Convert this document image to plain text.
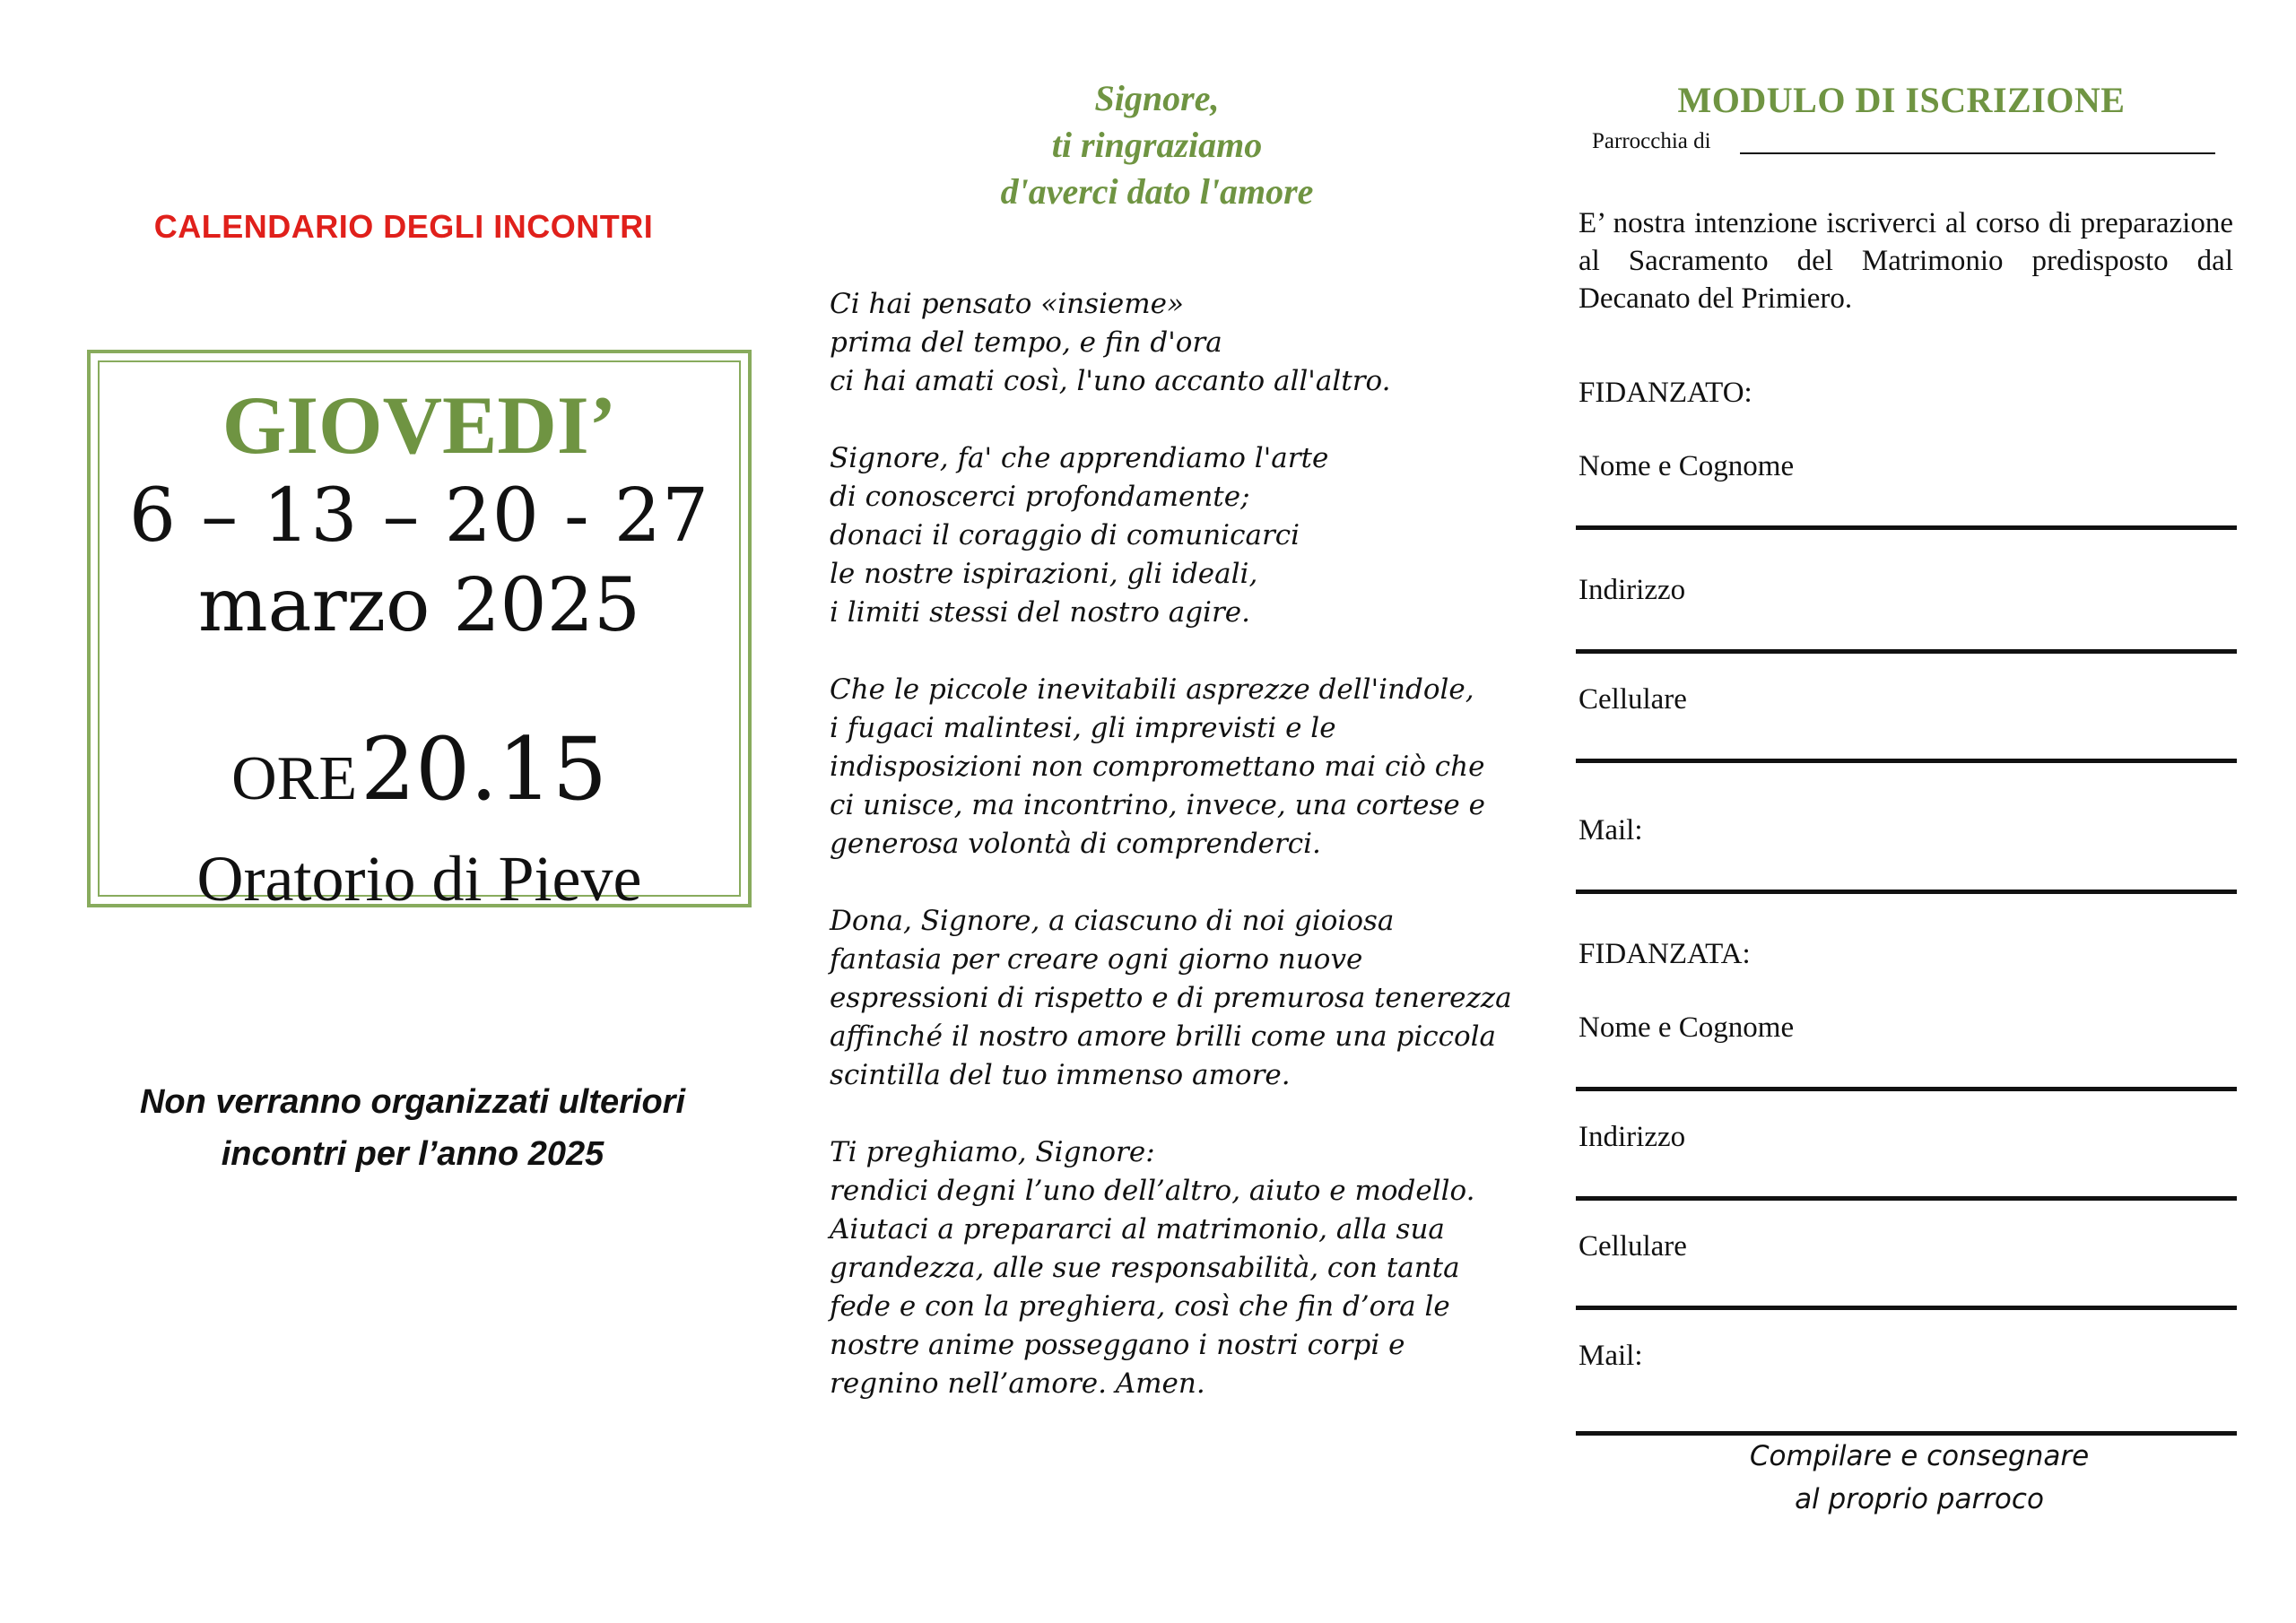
CALENDARIO DEGLI INCONTRI
GIOVEDI’
6 – 13 – 20 - 27
marzo 2025
ORE 20.15
Oratorio di Pieve
Non verranno organizzati ulteriori
incontri per l’anno 2025
Signore,
ti ringraziamo
d'averci dato l'amore
Ci hai pensato «insieme»
prima del tempo, e fin d'ora
ci hai amati così, l'uno accanto all'altro.
Signore, fa' che apprendiamo l'arte
di conoscerci profondamente;
donaci il coraggio di comunicarci
le nostre ispirazioni, gli ideali,
i limiti stessi del nostro agire.
Che le piccole inevitabili asprezze dell'indole,
i fugaci malintesi, gli imprevisti e le
indisposizioni non compromettano mai ciò che
ci unisce, ma incontrino, invece, una cortese e
generosa volontà di comprenderci.
Dona, Signore, a ciascuno di noi gioiosa
fantasia per creare ogni giorno nuove
espressioni di rispetto e di premurosa tenerezza
affinché il nostro amore brilli come una piccola
scintilla del tuo immenso amore.
Ti preghiamo, Signore:
rendici degni l’uno dell’altro, aiuto e modello.
Aiutaci a prepararci al matrimonio, alla sua
grandezza, alle sue responsabilità, con tanta
fede e con la preghiera, così che fin d’ora le
nostre anime posseggano i nostri corpi e
regnino nell’amore. Amen.
MODULO DI ISCRIZIONE
Parrocchia di
E’ nostra intenzione iscriverci al corso di preparazione al Sacramento del Matrimonio predisposto dal Decanato del Primiero.
FIDANZATO:
Nome e Cognome
Indirizzo
Cellulare
Mail:
FIDANZATA:
Nome e Cognome
Indirizzo
Cellulare
Mail:
Compilare e consegnare
al proprio parroco
